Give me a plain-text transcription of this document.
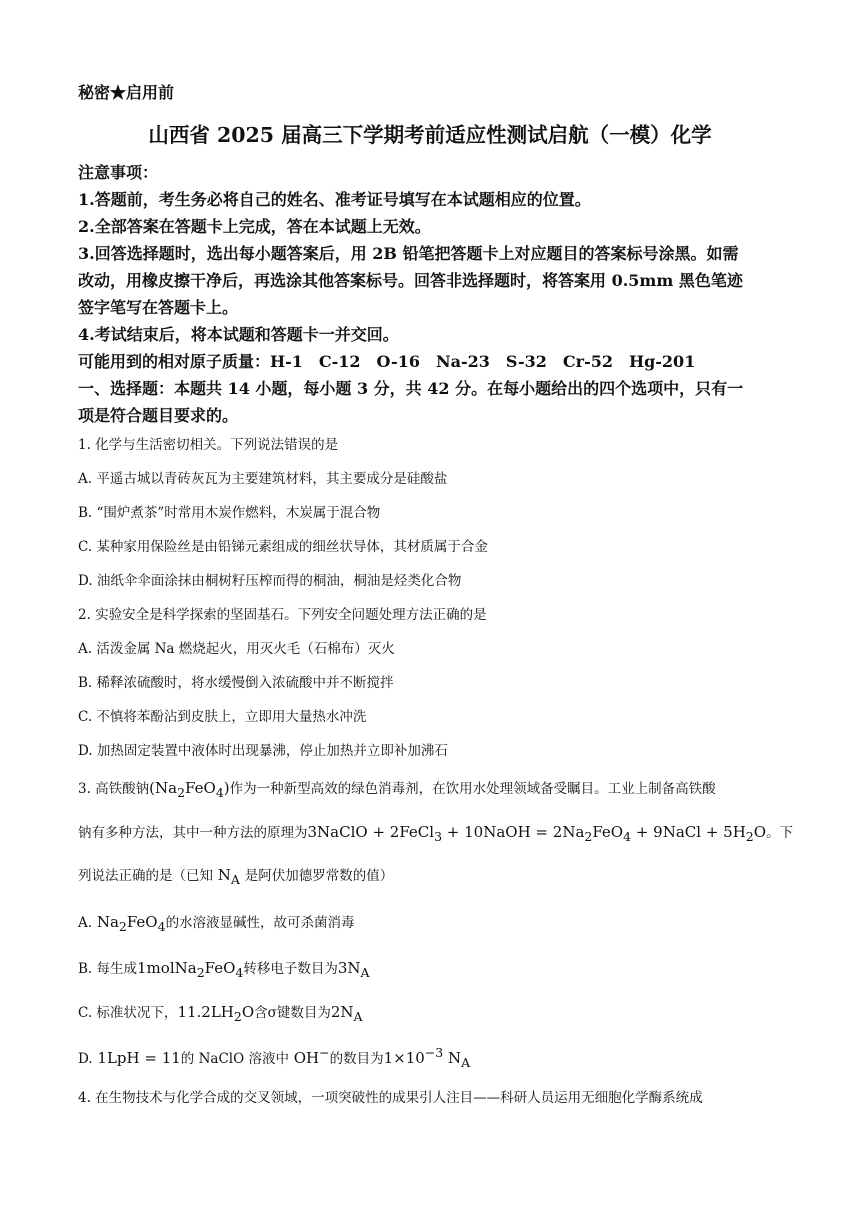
秘密★启用前
山西省 2025 届高三下学期考前适应性测试启航（一模）化学
注意事项：
1.答题前，考生务必将自己的姓名、准考证号填写在本试题相应的位置。
2.全部答案在答题卡上完成，答在本试题上无效。
3.回答选择题时，选出每小题答案后，用 2B 铅笔把答题卡上对应题目的答案标号涂黑。如需
改动，用橡皮擦干净后，再选涂其他答案标号。回答非选择题时，将答案用 0.5mm 黑色笔迹
签字笔写在答题卡上。
4.考试结束后，将本试题和答题卡一并交回。
可能用到的相对原子质量：H-1　C-12　O-16　Na-23　S-32　Cr-52　Hg-201
一、选择题：本题共 14 小题，每小题 3 分，共 42 分。在每小题给出的四个选项中，只有一
项是符合题目要求的。
1. 化学与生活密切相关。下列说法错误的是
A. 平遥古城以青砖灰瓦为主要建筑材料，其主要成分是硅酸盐
B. “围炉煮茶”时常用木炭作燃料，木炭属于混合物
C. 某种家用保险丝是由铅锑元素组成的细丝状导体，其材质属于合金
D. 油纸伞伞面涂抹由桐树籽压榨而得的桐油，桐油是烃类化合物
2. 实验安全是科学探索的坚固基石。下列安全问题处理方法正确的是
A. 活泼金属 Na 燃烧起火，用灭火毛（石棉布）灭火
B. 稀释浓硫酸时，将水缓慢倒入浓硫酸中并不断搅拌
C. 不慎将苯酚沾到皮肤上，立即用大量热水冲洗
D. 加热固定装置中液体时出现暴沸，停止加热并立即补加沸石
3. 高铁酸钠$(Na_2FeO_4)$作为一种新型高效的绿色消毒剂，在饮用水处理领域备受瞩目。工业上制备高铁酸
钠有多种方法，其中一种方法的原理为3NaClO + 2FeCl$_3$ + 10NaOH = $2Na_2FeO_4$ + 9NaCl + $5H_2O$。下
列说法正确的是（已知 $N_A$ 是阿伏加德罗常数的值）
A. $Na_2FeO_4$的水溶液显碱性，故可杀菌消毒
B. 每生成1molNa$_2$FeO$_4$转移电子数目为$3N_A$
C. 标准状况下，$11.2LH_2O$含σ键数目为$2N_A$
D. 1LpH = 11的 NaClO 溶液中 OH−的数目为$1\times 10^{-3}$ $N_A$
4. 在生物技术与化学合成的交叉领域，一项突破性的成果引人注目——科研人员运用无细胞化学酶系统成
